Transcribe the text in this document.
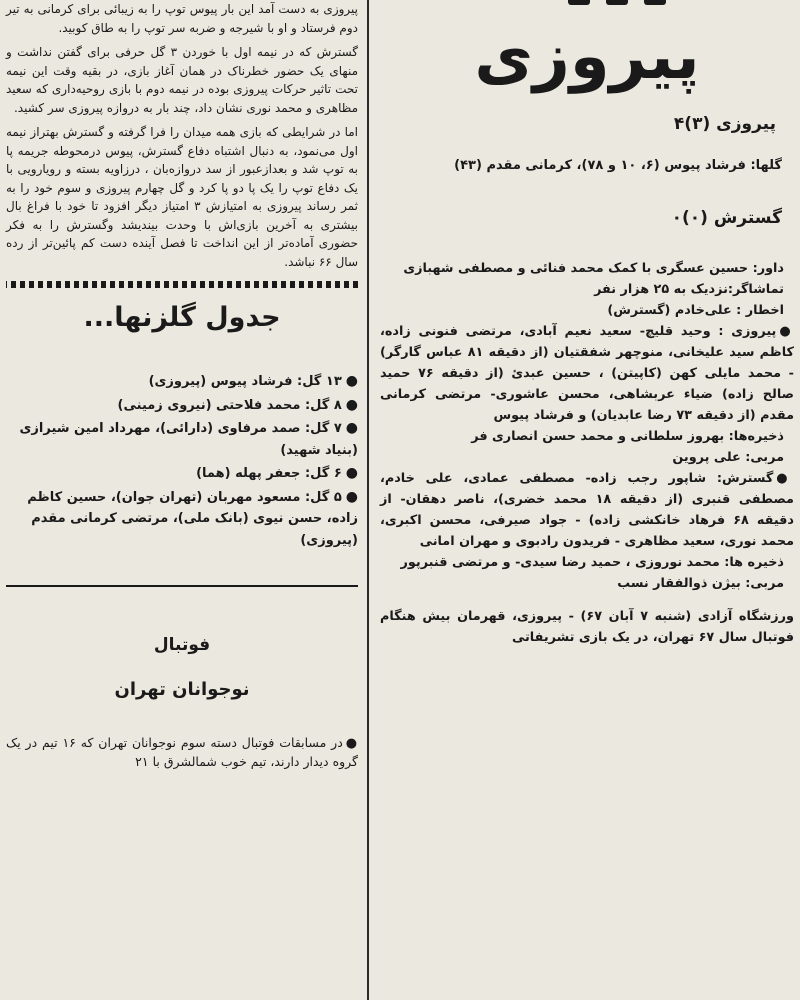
پیروزی به دست آمد این بار پیوس توپ را به زیبائی برای کرمانی به تیر دوم فرستاد و او با شیرجه و ضربه سر توپ را به طاق کوبید.

گسترش که در نیمه اول با خوردن ۳ گل حرفی برای گفتن نداشت و منهای یک حضور خطرناک در همان آغاز بازی، در بقیه وقت این نیمه تحت تاثیر حرکات پیروزی بوده در نیمه دوم با بازی روحیه‌داری که سعید مظاهری و محمد نوری نشان داد، چند بار به دروازه پیروزی سر کشید.

اما در شرایطی که بازی همه میدان را فرا گرفته و گسترش بهتراز نیمه اول می‌نمود، به دنبال اشتباه دفاع گسترش، پیوس درمحوطه جریمه پا به توپ شد و بعدازعبور از سد دروازه‌بان ، درزاویه بسته و رویارویی با یک دفاع توپ را یک پا دو پا کرد و گل چهارم پیروزی و سوم خود را به ثمر رساند پیروزی به امتیازش ۳ امتیاز دیگر افزود تا خود با فراغ بال بیشتری به آخرین بازی‌اش با وحدت بیندیشد وگسترش را به فکر حضوری آماده‌تر از این انداخت تا فصل آینده دست کم پائین‌تر از رده سال ۶۶ نباشد.

جدول گلزنها...
●۱۳ گل: فرشاد پیوس (پیروزی)
●۸ گل: محمد فلاحتی (نیروی زمینی)
●۷ گل: صمد مرفاوی (دارائی)، مهرداد امین شیرازی (بنیاد شهید)
●۶ گل: جعفر پهله (هما)
●۵ گل: مسعود مهربان (تهران جوان)، حسین کاظم زاده، حسن نیوی (بانک ملی)، مرتضی کرمانی مقدم (پیروزی)
فوتبال
نوجوانان تهران

●در مسابقات فوتبال دسته سوم نوجوانان تهران که ۱۶ تیم در یک گروه دیدار دارند، تیم خوب شمالشرق با ۲۱

پیروزی
پیروزی (۳)۴
گلها: فرشاد پیوس (۶، ۱۰ و ۷۸)، کرمانی مقدم (۴۳)
گسترش (۰)۰

داور: حسین عسگری با کمک محمد فنائی و مصطفی شهبازی

تماشاگر:نزدیک به ۲۵ هزار نفر

اخطار : علی‌خادم (گسترش)

●پیروزی : وحید قلیچ- سعید نعیم آبادی، مرتضی فنونی زاده، کاظم سید علیخانی، منوچهر شفقتیان (از دقیقه ۸۱ عباس گارگر) - محمد مایلی کهن (کاپیتن) ، حسین عبدیٔ (از دقیقه ۷۶ حمید صالح زاده) ضیاء عربشاهی، محسن عاشوری- مرتضی کرمانی مقدم (از دقیقه ۷۳ رضا عابدیان) و فرشاد پیوس

ذخیره‌ها: بهروز سلطانی و محمد حسن انصاری فر

مربی: علی پروین

●گسترش: شاپور رجب زاده- مصطفی عمادی، علی خادم، مصطفی قنبری (از دقیقه ۱۸ محمد خضری)، ناصر دهقان- از دقیقه ۶۸ فرهاد خانکشی زاده) - جواد صیرفی، محسن اکبری، محمد نوری، سعید مظاهری - فریدون رادبوی و مهران امانی

ذخیره ها: محمد نوروزی ، حمید رضا سیدی- و مرتضی قنبرپور

مربی: بیژن ذوالفقار نسب

ورزشگاه آزادی (شنبه ۷ آبان ۶۷) - پیروزی، قهرمان بیش‌ هنگام فوتبال سال ۶۷ تهران، در یک بازی تشریفاتی
